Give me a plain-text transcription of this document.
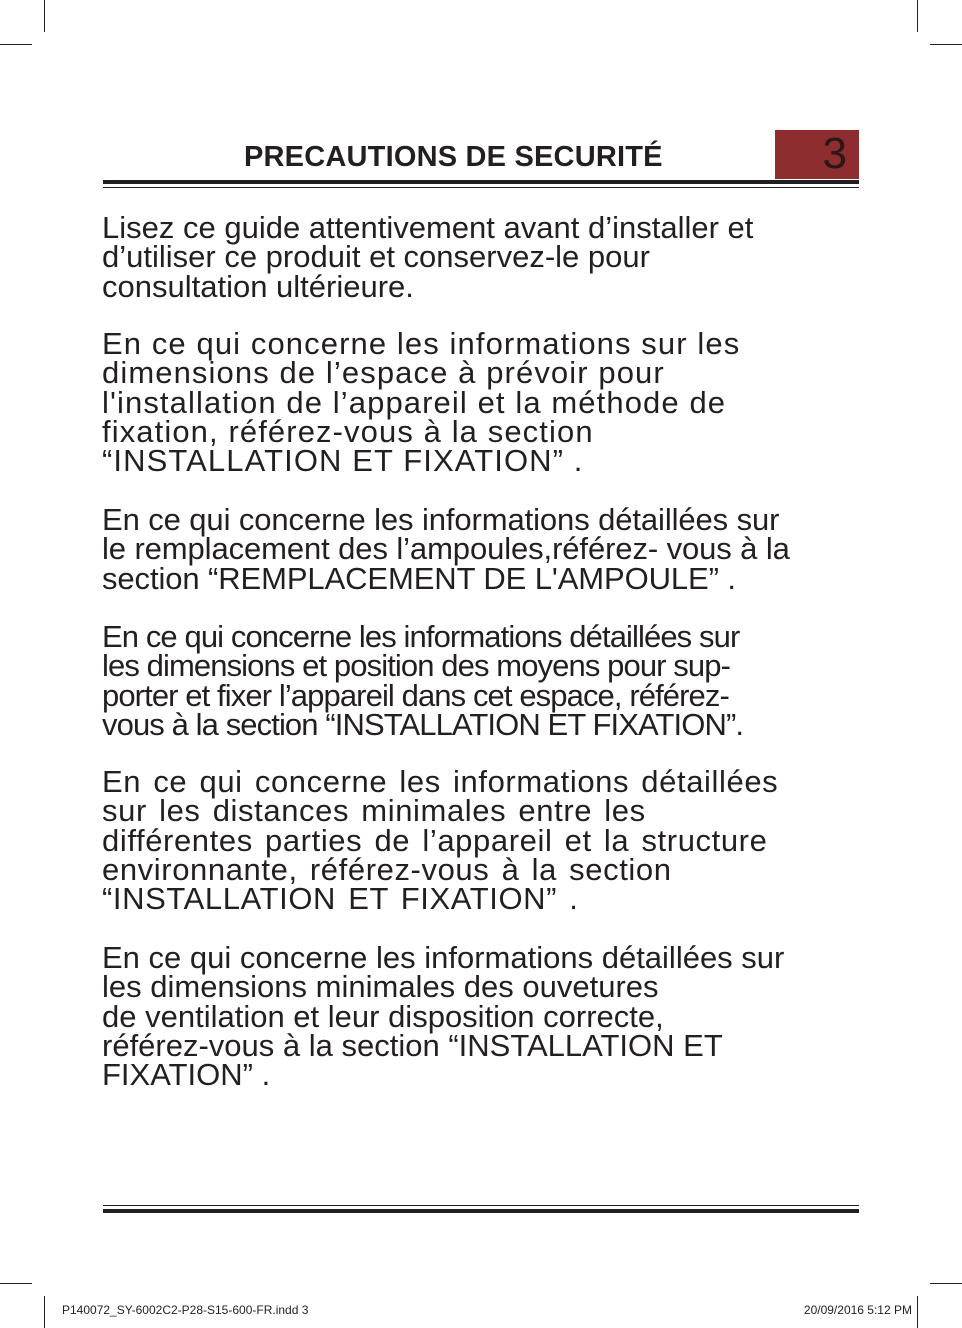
PRECAUTIONS DE SECURITÉ	3

Lisez ce guide attentivement avant d’installer et
d’utiliser ce produit et conservez-le pour
consultation ultérieure.

En ce qui concerne les informations sur les
dimensions de l’espace à prévoir pour
l'installation de l’appareil et la méthode de
fixation, référez-vous à la section
“INSTALLATION ET FIXATION” .

En ce qui concerne les informations détaillées sur
le remplacement des l’ampoules,référez- vous à la
section “REMPLACEMENT DE L'AMPOULE” .

En ce qui concerne les informations détaillées sur
les dimensions et position des moyens pour sup-
porter et fixer l’appareil dans cet espace, référez-
vous à la section “INSTALLATION ET FIXATION”.

En ce qui concerne les informations détaillées
sur les distances minimales entre les
différentes parties de l’appareil et la structure
environnante, référez-vous à la section
“INSTALLATION ET FIXATION” .

En ce qui concerne les informations détaillées sur
les dimensions minimales des ouvetures
de ventilation et leur disposition correcte,
référez-vous à la section “INSTALLATION ET
FIXATION” .

P140072_SY-6002C2-P28-S15-600-FR.indd 3	20/09/2016 5:12 PM
